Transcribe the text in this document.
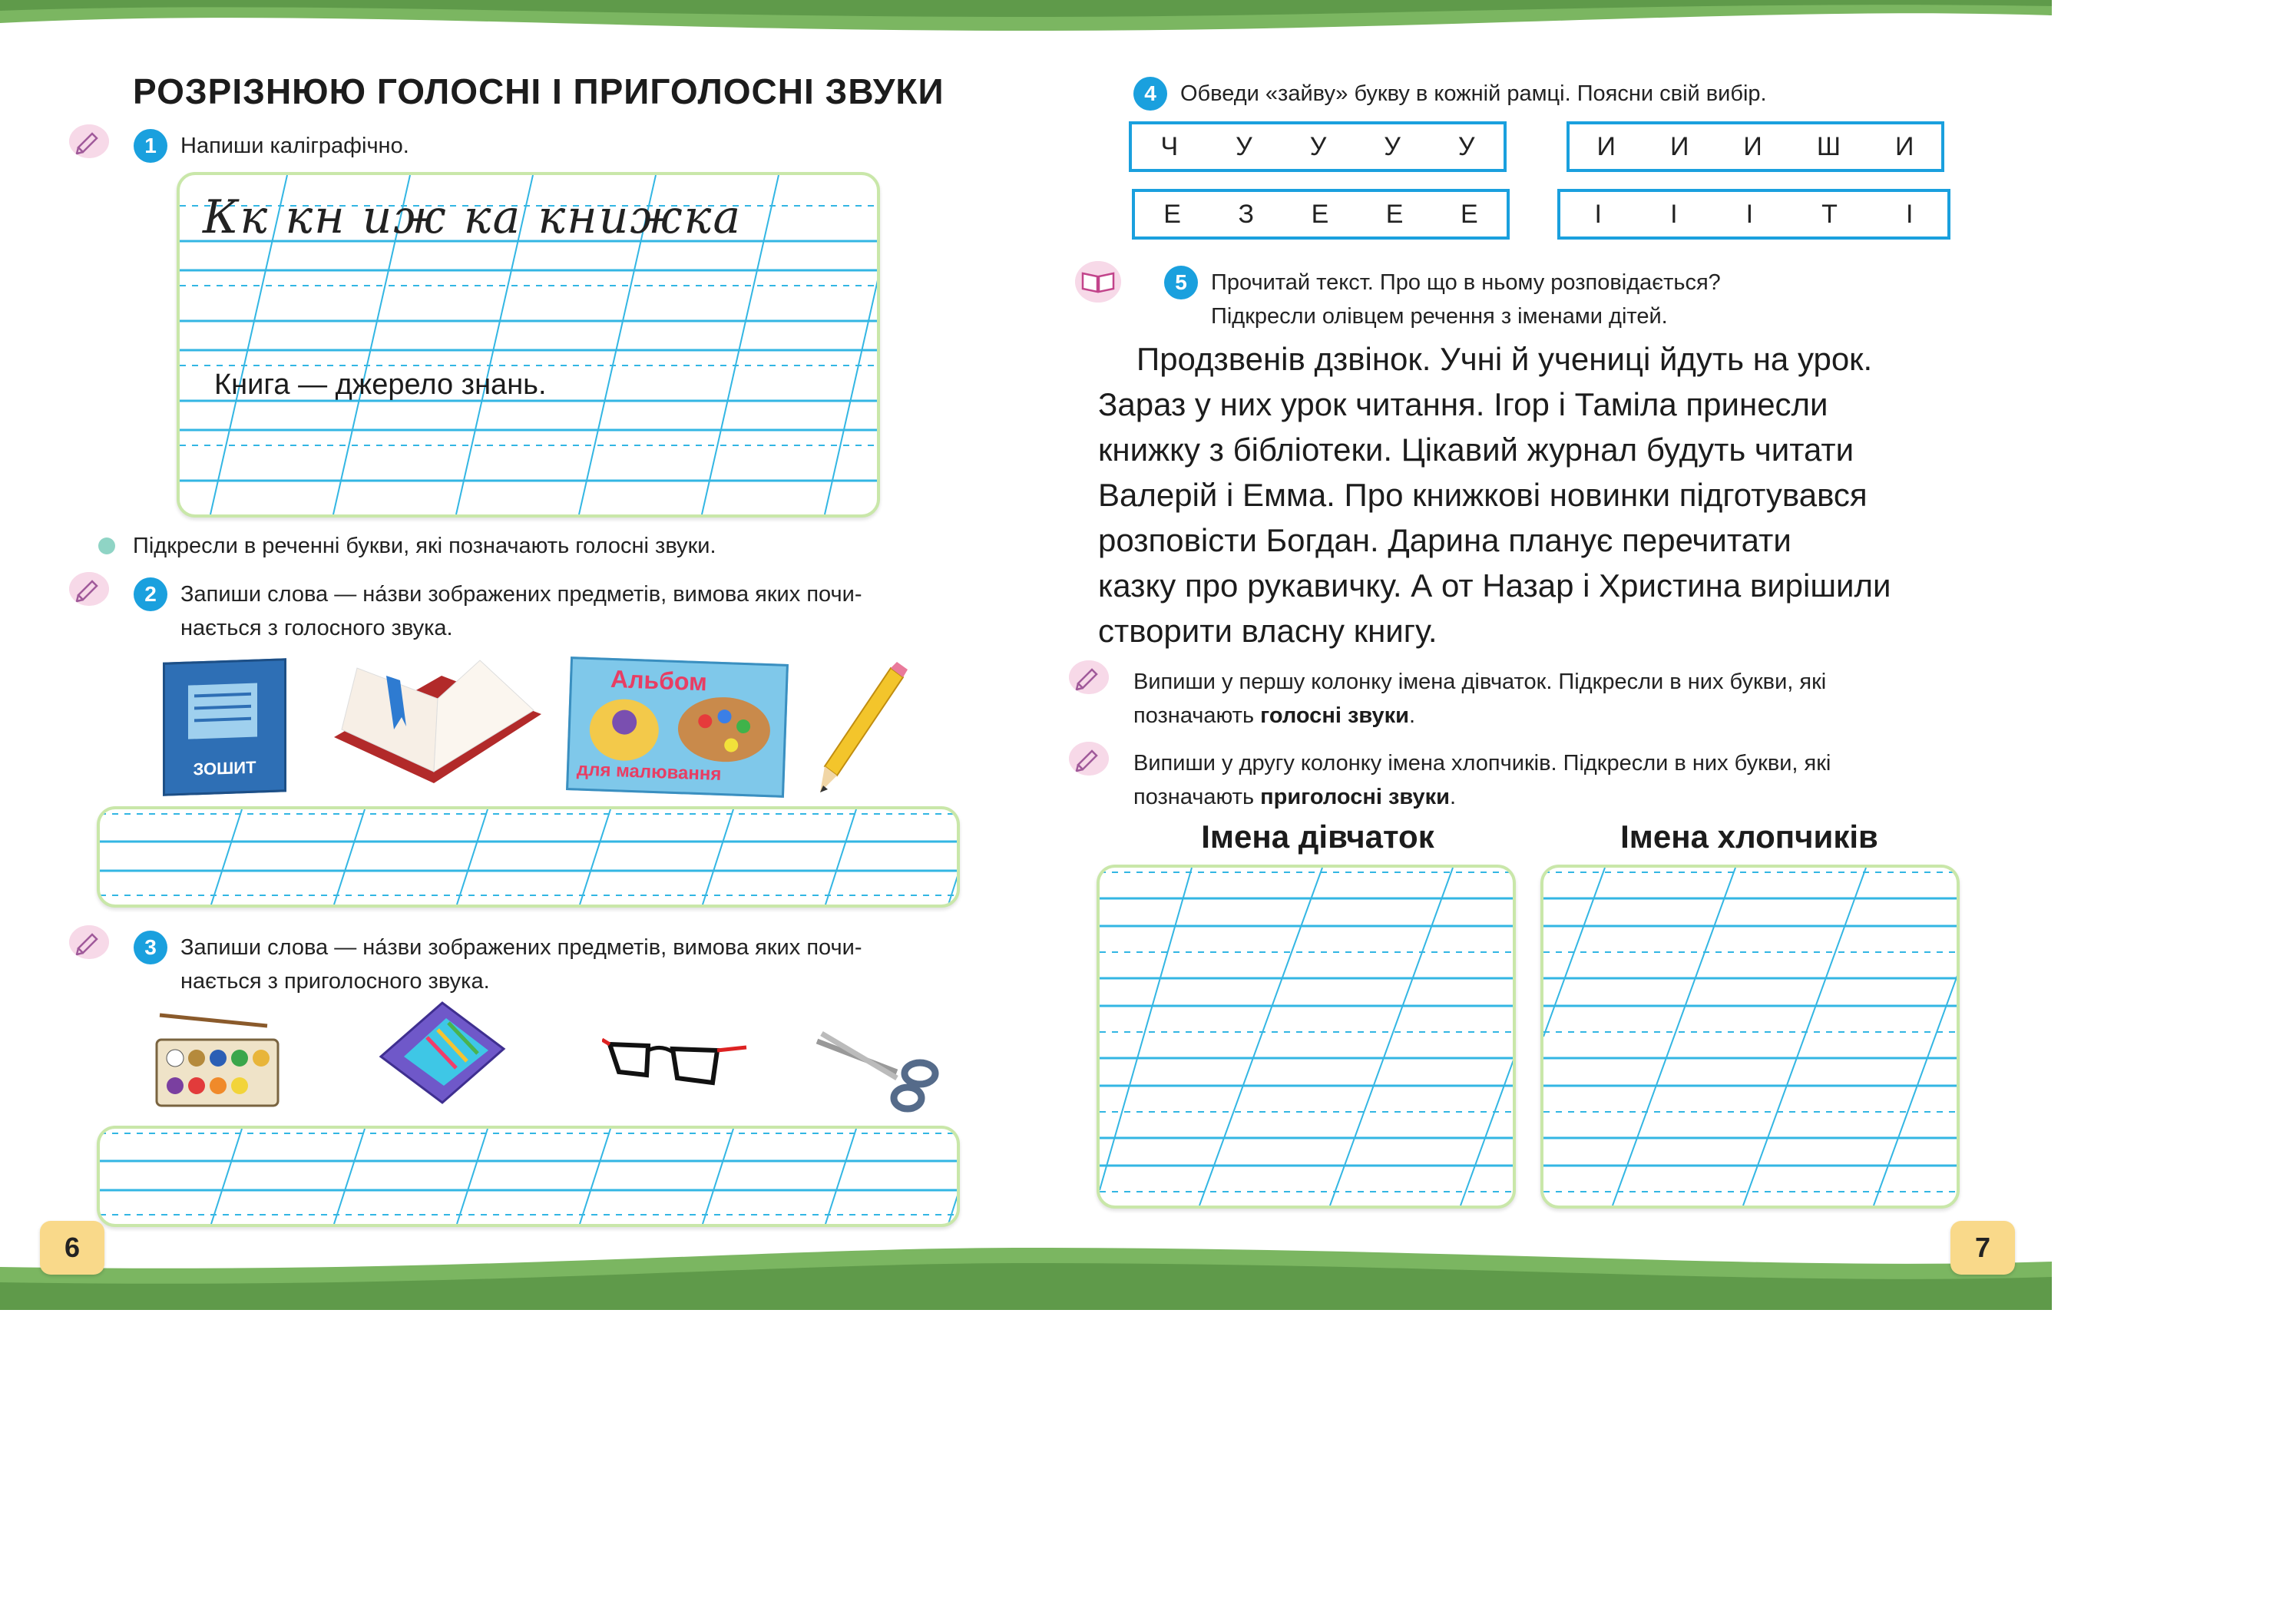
РОЗРІЗНЮЮ ГОЛОСНІ І ПРИГОЛОСНІ ЗВУКИ
1	Напиши каліграфічно.
Кк кн иж ка книжка
Книга — джерело знань.
Підкресли в реченні букви, які позначають голосні звуки.
2	Запиши слова — на́зви зображених предметів, вимова яких почи-
нається з голосного звука.
ЗОШИТ
Альбом
для малювання
3	Запиши слова — на́зви зображених предметів, вимова яких почи-
нається з приголосного звука.
6
4	Обведи «зайву» букву в кожній рамці. Поясни свій вибір.
Ч У У У У	И И И Ш И
Е З Е Е Е	І	І	І	Т	І
5	Прочитай текст. Про що в ньому розповідається?
Підкресли олівцем речення з іменами дітей.
Продзвенів дзвінок. Учні й учениці йдуть на урок.
Зараз у них урок читання. Ігор і Таміла принесли
книжку з бібліотеки. Цікавий журнал будуть читати
Валерій і Емма. Про книжкові новинки підготувався
розповісти Богдан. Дарина планує перечитати
казку про рукавичку. А от Назар і Христина вирішили
створити власну книгу.
Випиши у першу колонку імена дівчаток. Підкресли в них букви, які
позначають голосні звуки.
Випиши у другу колонку імена хлопчиків. Підкресли в них букви, які
позначають приголосні звуки.
Імена дівчаток	Імена хлопчиків
7
